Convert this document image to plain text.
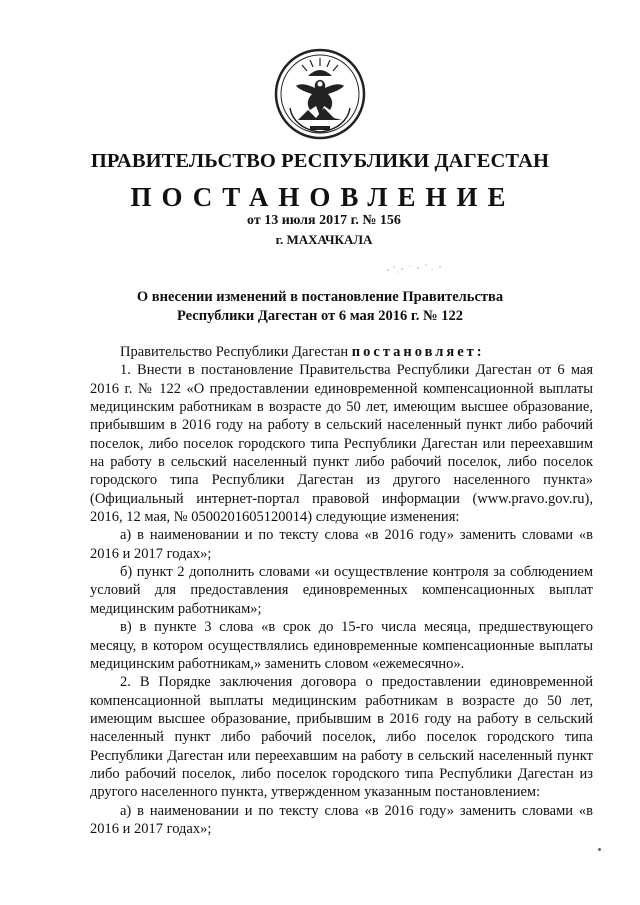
ПРАВИТЕЛЬСТВО РЕСПУБЛИКИ ДАГЕСТАН
ПОСТАНОВЛЕНИЕ
от 13 июля 2017 г. № 156
г. МАХАЧКАЛА
О внесении изменений в постановление Правительства
Республики Дагестан от 6 мая 2016 г. № 122

Правительство Республики Дагестан постановляет:

1. Внести в постановление Правительства Республики Дагестан от 6 мая 2016 г. № 122 «О предоставлении единовременной компенсационной выплаты медицинским работникам в возрасте до 50 лет, имеющим высшее образование, прибывшим в 2016 году на работу в сельский населенный пункт либо рабочий поселок, либо поселок городского типа Республики Дагестан или переехавшим на работу в сельский населенный пункт либо рабочий поселок, либо поселок городского типа Республики Дагестан из другого населенного пункта» (Официальный интернет-портал правовой информации (www.pravo.gov.ru), 2016, 12 мая, № 0500201605120014) следующие изменения:

а) в наименовании и по тексту слова «в 2016 году» заменить словами «в 2016 и 2017 годах»;

б) пункт 2 дополнить словами «и осуществление контроля за соблюдением условий для предоставления единовременных компенсационных выплат медицинским работникам»;

в) в пункте 3 слова «в срок до 15-го числа месяца, предшествующего месяцу, в котором осуществлялись единовременные компенсационные выплаты медицинским работникам,» заменить словом «ежемесячно».

2. В Порядке заключения договора о предоставлении единовременной компенсационной выплаты медицинским работникам в возрасте до 50 лет, имеющим высшее образование, прибывшим в 2016 году на работу в сельский населенный пункт либо рабочий поселок, либо поселок городского типа Республики Дагестан или переехавшим на работу в сельский населенный пункт либо рабочий поселок, либо поселок городского типа Республики Дагестан из другого населенного пункта, утвержденном указанным постановлением:

а) в наименовании и по тексту слова «в 2016 году» заменить словами «в 2016 и 2017 годах»;
